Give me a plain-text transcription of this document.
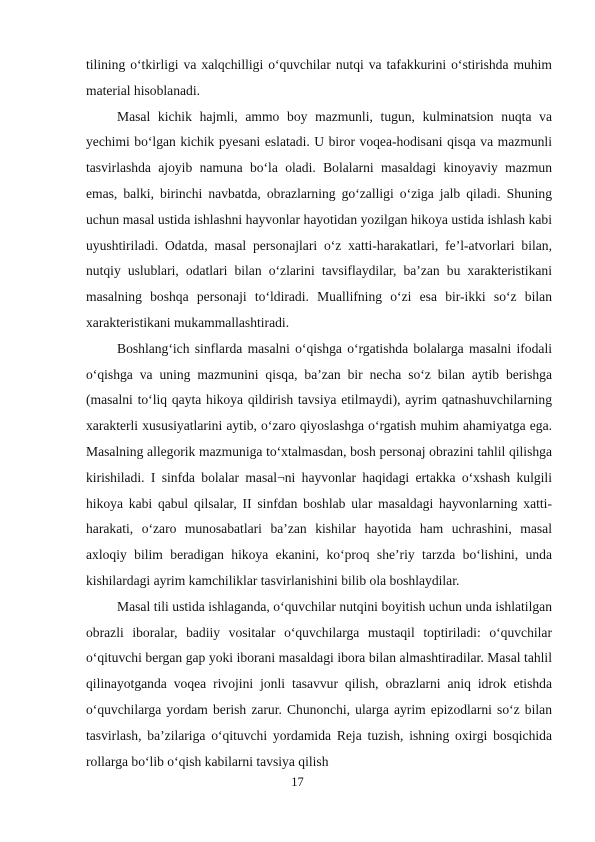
tilining o‘tkirligi va xalqchilligi o‘quvchilar nutqi va tafakkurini o‘stirishda muhim material hisoblanadi.

Masal kichik hajmli, ammo boy mazmunli, tugun, kulminatsion nuqta va yechimi bo‘lgan kichik pyesani eslatadi. U biror voqea-hodisani qisqa va mazmunli tasvirlashda ajoyib namuna bo‘la oladi. Bolalarni masaldagi kinoyaviy mazmun emas, balki, birinchi navbatda, obrazlarning go‘zalligi o‘ziga jalb qiladi. Shuning uchun masal ustida ishlashni hayvonlar hayotidan yozilgan hikoya ustida ishlash kabi uyushtiriladi. Odatda, masal personajlari o‘z xatti-harakatlari, fe’l-atvorlari bilan, nutqiy uslublari, odatlari bilan o‘zlarini tavsiflaydilar, ba’zan bu xarakteristikani masalning boshqa personaji to‘ldiradi. Muallifning o‘zi esa bir-ikki so‘z bilan xarakteristikani mukammallashtiradi.

Boshlang‘ich sinflarda masalni o‘qishga o‘rgatishda bolalarga masalni ifodali o‘qishga va uning mazmunini qisqa, ba’zan bir necha so‘z bilan aytib berishga (masalni to‘liq qayta hikoya qildirish tavsiya etilmaydi), ayrim qatnashuvchilarning xarakterli xususiyatlarini aytib, o‘zaro qiyoslashga o‘rgatish muhim ahamiyatga ega. Masalning allegorik mazmuniga to‘xtalmasdan, bosh personaj obrazini tahlil qilishga kirishiladi. I sinfda bolalar masal¬ni hayvonlar haqidagi ertakka o‘xshash kulgili hikoya kabi qabul qilsalar, II sinfdan boshlab ular masaldagi hayvonlarning xatti-harakati, o‘zaro munosabatlari ba’zan kishilar hayotida ham uchrashini, masal axloqiy bilim beradigan hikoya ekanini, ko‘proq she’riy tarzda bo‘lishini, unda kishilardagi ayrim kamchiliklar tasvirlanishini bilib ola boshlaydilar.

Masal tili ustida ishlaganda, o‘quvchilar nutqini boyitish uchun unda ishlatilgan obrazli iboralar, badiiy vositalar o‘quvchilarga mustaqil toptiriladi: o‘quvchilar o‘qituvchi bergan gap yoki iborani masaldagi ibora bilan almashtiradilar. Masal tahlil qilinayotganda voqea rivojini jonli tasavvur qilish, obrazlarni aniq idrok etishda o‘quvchilarga yordam berish zarur. Chunonchi, ularga ayrim epizodlarni so‘z bilan tasvirlash, ba’zilariga o‘qituvchi yordamida Reja tuzish, ishning oxirgi bosqichida rollarga bo‘lib o‘qish kabilarni tavsiya qilish

17
